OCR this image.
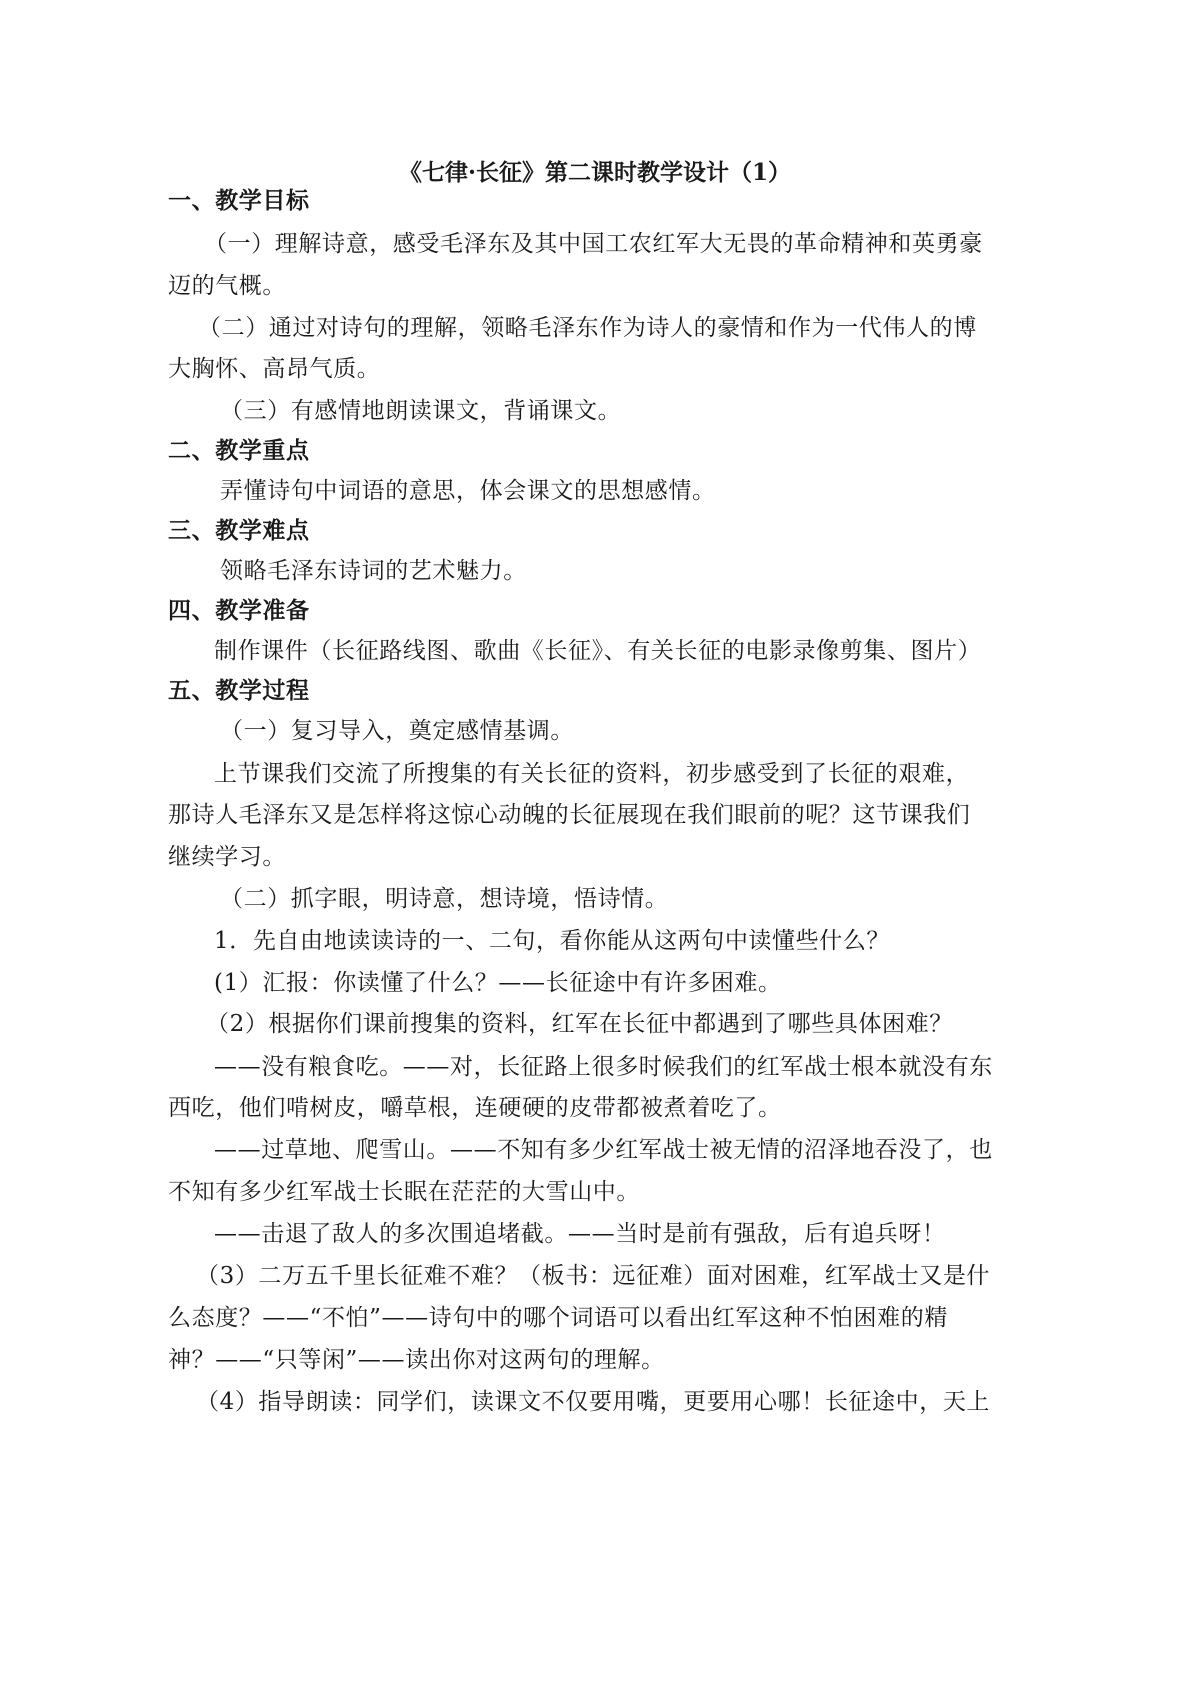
《七律·长征》第二课时教学设计（1）
一、教学目标
（一）理解诗意，感受毛泽东及其中国工农红军大无畏的革命精神和英勇豪
迈的气概。
（二）通过对诗句的理解，领略毛泽东作为诗人的豪情和作为一代伟人的博
大胸怀、高昂气质。
（三）有感情地朗读课文，背诵课文。
二、教学重点
弄懂诗句中词语的意思，体会课文的思想感情。
三、教学难点
领略毛泽东诗词的艺术魅力。
四、教学准备
制作课件（长征路线图、歌曲《长征》、有关长征的电影录像剪集、图片）
五、教学过程
（一）复习导入，奠定感情基调。
上节课我们交流了所搜集的有关长征的资料，初步感受到了长征的艰难，
那诗人毛泽东又是怎样将这惊心动魄的长征展现在我们眼前的呢？这节课我们
继续学习。
（二）抓字眼，明诗意，想诗境，悟诗情。
1．先自由地读读诗的一、二句，看你能从这两句中读懂些什么？
(1）汇报：你读懂了什么？——长征途中有许多困难。
（2）根据你们课前搜集的资料，红军在长征中都遇到了哪些具体困难？
——没有粮食吃。——对，长征路上很多时候我们的红军战士根本就没有东
西吃，他们啃树皮，嚼草根，连硬硬的皮带都被煮着吃了。
——过草地、爬雪山。——不知有多少红军战士被无情的沼泽地吞没了，也
不知有多少红军战士长眠在茫茫的大雪山中。
——击退了敌人的多次围追堵截。——当时是前有强敌，后有追兵呀！
（3）二万五千里长征难不难？（板书：远征难）面对困难，红军战士又是什
么态度？——“不怕”——诗句中的哪个词语可以看出红军这种不怕困难的精
神？——“只等闲”——读出你对这两句的理解。
（4）指导朗读：同学们，读课文不仅要用嘴，更要用心哪！长征途中，天上
